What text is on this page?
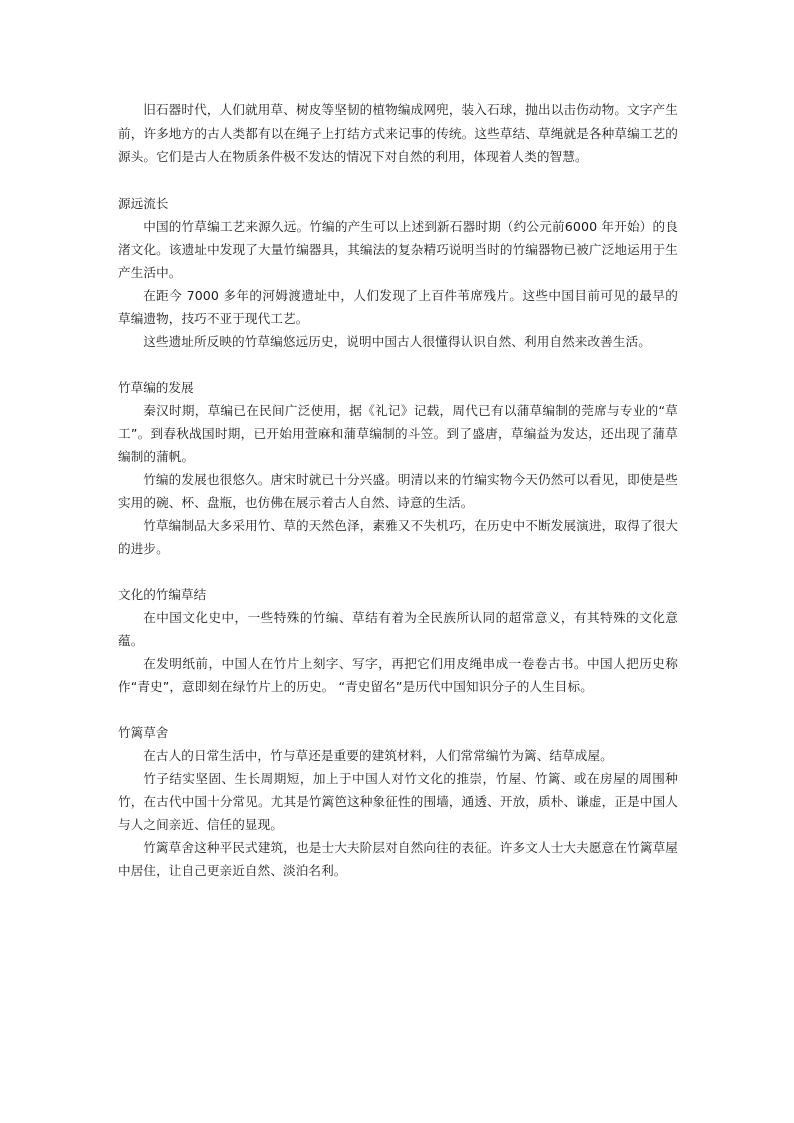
旧石器时代，人们就用草、树皮等坚韧的植物编成网兜，装入石球，抛出以击伤动物。文字产生前，许多地方的古人类都有以在绳子上打结方式来记事的传统。这些草结、草绳就是各种草编工艺的源头。它们是古人在物质条件极不发达的情况下对自然的利用，体现着人类的智慧。

源远流长

中国的竹草编工艺来源久远。竹编的产生可以上述到新石器时期（约公元前6000 年开始）的良渚文化。该遗址中发现了大量竹编器具，其编法的复杂精巧说明当时的竹编器物已被广泛地运用于生产生活中。

在距今 7000 多年的河姆渡遗址中，人们发现了上百件苇席残片。这些中国目前可见的最早的草编遗物，技巧不亚于现代工艺。

这些遗址所反映的竹草编悠远历史，说明中国古人很懂得认识自然、利用自然来改善生活。

竹草编的发展

秦汉时期，草编已在民间广泛使用，据《礼记》记载，周代已有以蒲草编制的莞席与专业的“草工”。到春秋战国时期，已开始用萱麻和蒲草编制的斗笠。到了盛唐，草编益为发达，还出现了蒲草编制的蒲帆。

竹编的发展也很悠久。唐宋时就已十分兴盛。明清以来的竹编实物今天仍然可以看见，即使是些实用的碗、杯、盘瓶，也仿佛在展示着古人自然、诗意的生活。

竹草编制品大多采用竹、草的天然色泽，素雅又不失机巧，在历史中不断发展演进，取得了很大的进步。

文化的竹编草结

在中国文化史中，一些特殊的竹编、草结有着为全民族所认同的超常意义，有其特殊的文化意蕴。

在发明纸前，中国人在竹片上刻字、写字，再把它们用皮绳串成一卷卷古书。中国人把历史称作“青史”，意即刻在绿竹片上的历史。 “青史留名”是历代中国知识分子的人生目标。

竹篱草舍

在古人的日常生活中，竹与草还是重要的建筑材料，人们常常编竹为篱、结草成屋。

竹子结实坚固、生长周期短，加上于中国人对竹文化的推崇，竹屋、竹篱、或在房屋的周围种竹，在古代中国十分常见。尤其是竹篱笆这种象征性的围墙，通透、开放，质朴、谦虚，正是中国人与人之间亲近、信任的显现。

竹篱草舍这种平民式建筑，也是士大夫阶层对自然向往的表征。许多文人士大夫愿意在竹篱草屋中居住，让自己更亲近自然、淡泊名利。
